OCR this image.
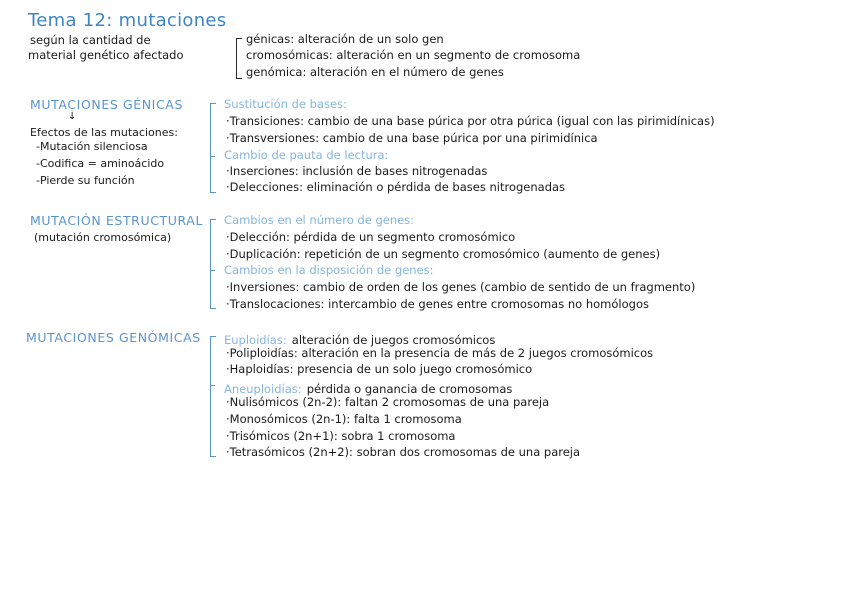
Tema 12: mutaciones
según la cantidad de
material genético afectado
génicas: alteración de un solo gen
cromosómicas: alteración en un segmento de cromosoma
genómica: alteración en el número de genes
MUTACIONES GÉNICAS
↓
Efectos de las mutaciones:
-Mutación silenciosa
-Codifica = aminoácido
-Pierde su función
Sustitución de bases:
·Transiciones: cambio de una base púrica por otra púrica (igual con las pirimidínicas)
·Transversiones: cambio de una base púrica por una pirimidínica
Cambio de pauta de lectura:
·Inserciones: inclusión de bases nitrogenadas
·Delecciones: eliminación o pérdida de bases nitrogenadas
MUTACIÓN ESTRUCTURAL
(mutación cromosómica)
Cambios en el número de genes:
·Delección: pérdida de un segmento cromosómico
·Duplicación: repetición de un segmento cromosómico (aumento de genes)
Cambios en la disposición de genes:
·Inversiones: cambio de orden de los genes (cambio de sentido de un fragmento)
·Translocaciones: intercambio de genes entre cromosomas no homólogos
MUTACIONES GENÓMICAS Euploidías: alteración de juegos cromosómicos
·Poliploidías: alteración en la presencia de más de 2 juegos cromosómicos
·Haploidías: presencia de un solo juego cromosómico
Aneuploidías: pérdida o ganancia de cromosomas
·Nulisómicos (2n-2): faltan 2 cromosomas de una pareja
·Monosómicos (2n-1): falta 1 cromosoma
·Trisómicos (2n+1): sobra 1 cromosoma
·Tetrasómicos (2n+2): sobran dos cromosomas de una pareja
